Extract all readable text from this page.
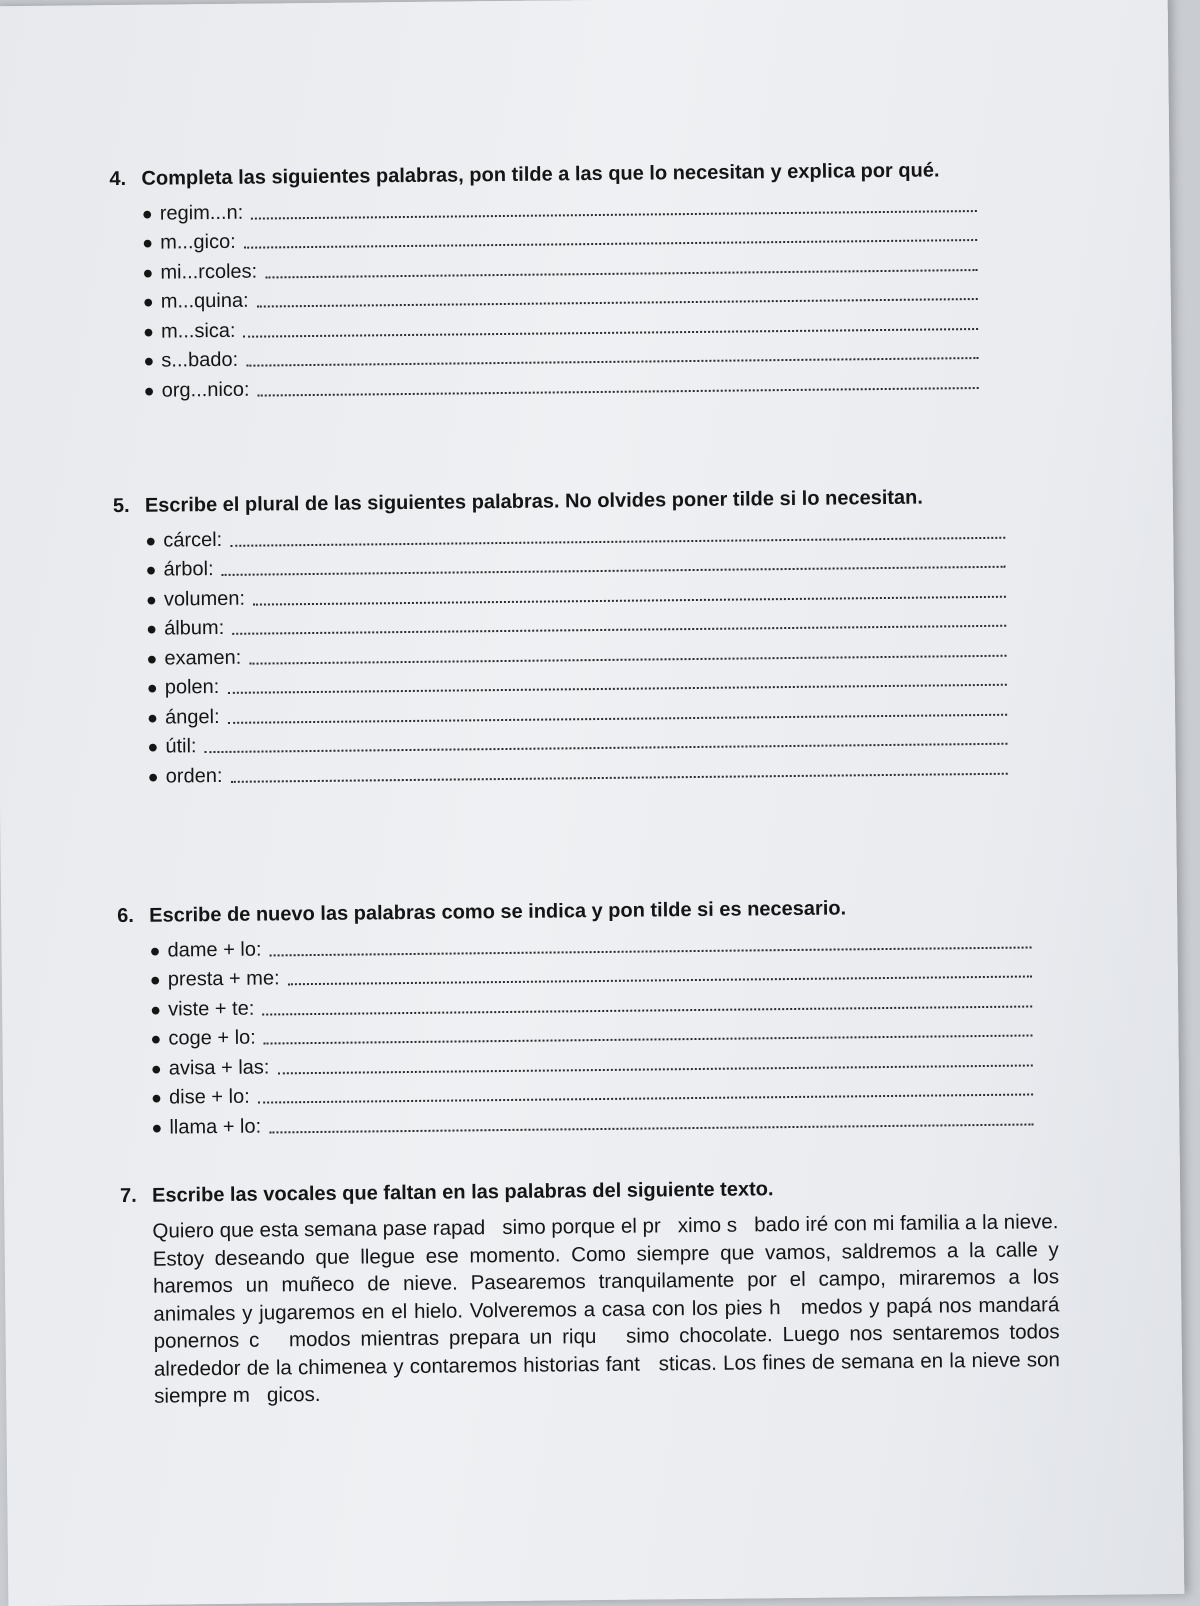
4. Completa las siguientes palabras, pon tilde a las que lo necesitan y explica por qué.
● regim...n:
● m...gico:
● mi...rcoles:
● m...quina:
● m...sica:
● s...bado:
● org...nico:
5. Escribe el plural de las siguientes palabras. No olvides poner tilde si lo necesitan.
● cárcel:
● árbol:
● volumen:
● álbum:
● examen:
● polen:
● ángel:
● útil:
● orden:
6. Escribe de nuevo las palabras como se indica y pon tilde si es necesario.
● dame + lo:
● presta + me:
● viste + te:
● coge + lo:
● avisa + las:
● dise + lo:
● llama + lo:
7. Escribe las vocales que faltan en las palabras del siguiente texto.

Quiero que esta semana pase rapad   simo porque el pr   ximo s   bado iré con mi familia a la nieve. Estoy deseando que llegue ese momento. Como siempre que vamos, saldremos a la calle y haremos un muñeco de nieve. Pasearemos tranquilamente por el campo, miraremos a los animales y jugaremos en el hielo. Volveremos a casa con los pies h   medos y papá nos mandará ponernos c   modos mientras prepara un riqu   simo chocolate. Luego nos sentaremos todos alrededor de la chimenea y contaremos historias fant   sticas. Los fines de semana en la nieve son siempre m   gicos.
